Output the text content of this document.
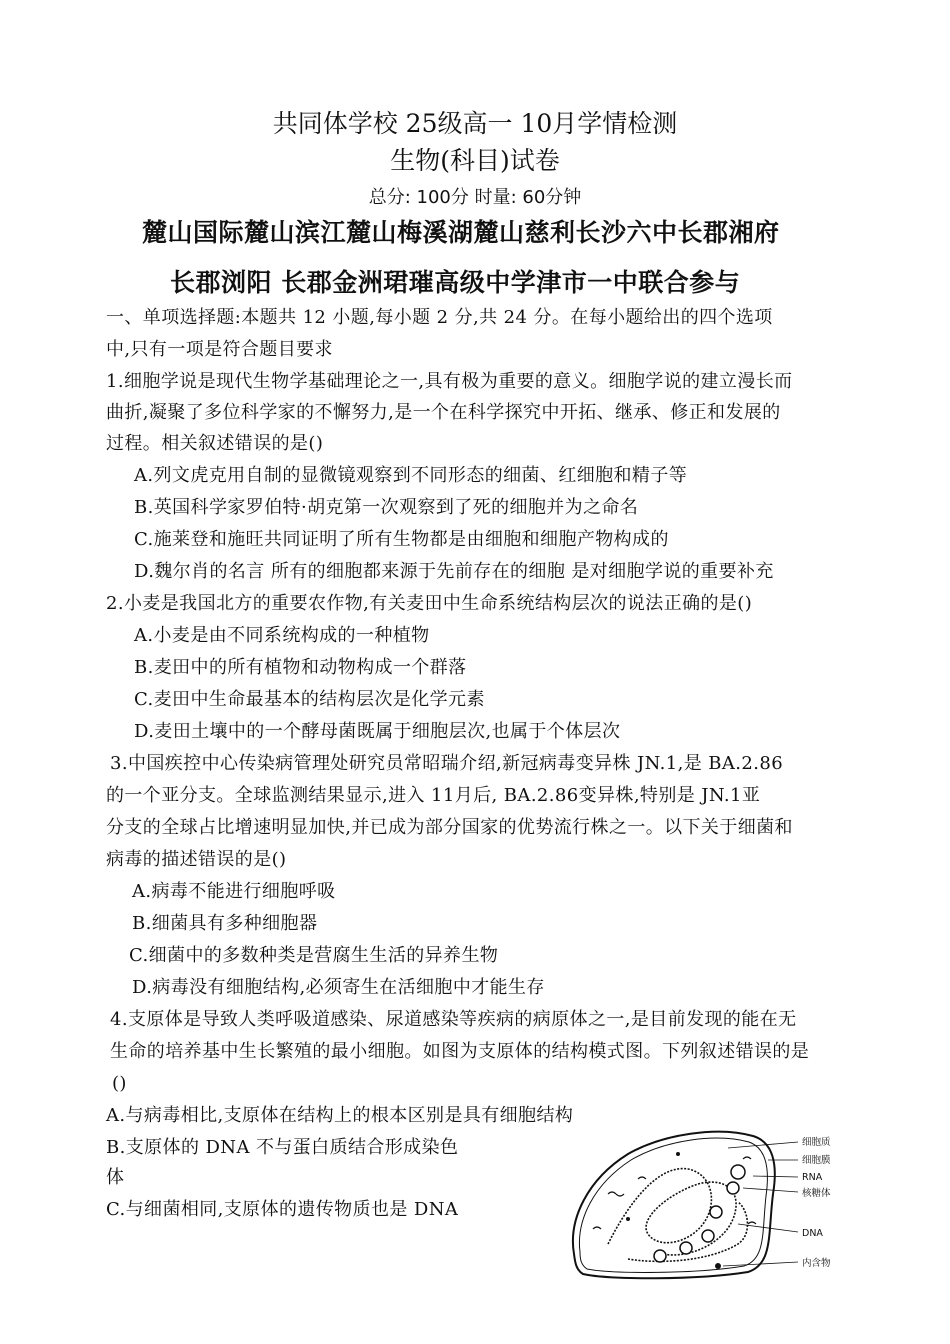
共同体学校 25级高一 10月学情检测
生物(科目)试卷
总分: 100分 时量: 60分钟
麓山国际麓山滨江麓山梅溪湖麓山慈利长沙六中长郡湘府
长郡浏阳 长郡金洲珺璀高级中学津市一中联合参与
一、单项选择题:本题共 12 小题,每小题 2 分,共 24 分。在每小题给出的四个选项
中,只有一项是符合题目要求
1.细胞学说是现代生物学基础理论之一,具有极为重要的意义。细胞学说的建立漫长而
曲折,凝聚了多位科学家的不懈努力,是一个在科学探究中开拓、继承、修正和发展的
过程。相关叙述错误的是()
A.列文虎克用自制的显微镜观察到不同形态的细菌、红细胞和精子等
B.英国科学家罗伯特·胡克第一次观察到了死的细胞并为之命名
C.施莱登和施旺共同证明了所有生物都是由细胞和细胞产物构成的
D.魏尔肖的名言 所有的细胞都来源于先前存在的细胞 是对细胞学说的重要补充
2.小麦是我国北方的重要农作物,有关麦田中生命系统结构层次的说法正确的是()
A.小麦是由不同系统构成的一种植物
B.麦田中的所有植物和动物构成一个群落
C.麦田中生命最基本的结构层次是化学元素
D.麦田土壤中的一个酵母菌既属于细胞层次,也属于个体层次
3.中国疾控中心传染病管理处研究员常昭瑞介绍,新冠病毒变异株 JN.1,是 BA.2.86
的一个亚分支。全球监测结果显示,进入 11月后, BA.2.86变异株,特别是 JN.1亚
分支的全球占比增速明显加快,并已成为部分国家的优势流行株之一。以下关于细菌和
病毒的描述错误的是()
A.病毒不能进行细胞呼吸
B.细菌具有多种细胞器
C.细菌中的多数种类是营腐生生活的异养生物
D.病毒没有细胞结构,必须寄生在活细胞中才能生存
4.支原体是导致人类呼吸道感染、尿道感染等疾病的病原体之一,是目前发现的能在无
生命的培养基中生长繁殖的最小细胞。如图为支原体的结构模式图。下列叙述错误的是
()
A.与病毒相比,支原体在结构上的根本区别是具有细胞结构
B.支原体的 DNA 不与蛋白质结合形成染色
体
C.与细菌相同,支原体的遗传物质也是 DNA
细胞质
细胞膜
RNA
核糖体
DNA
内含物
